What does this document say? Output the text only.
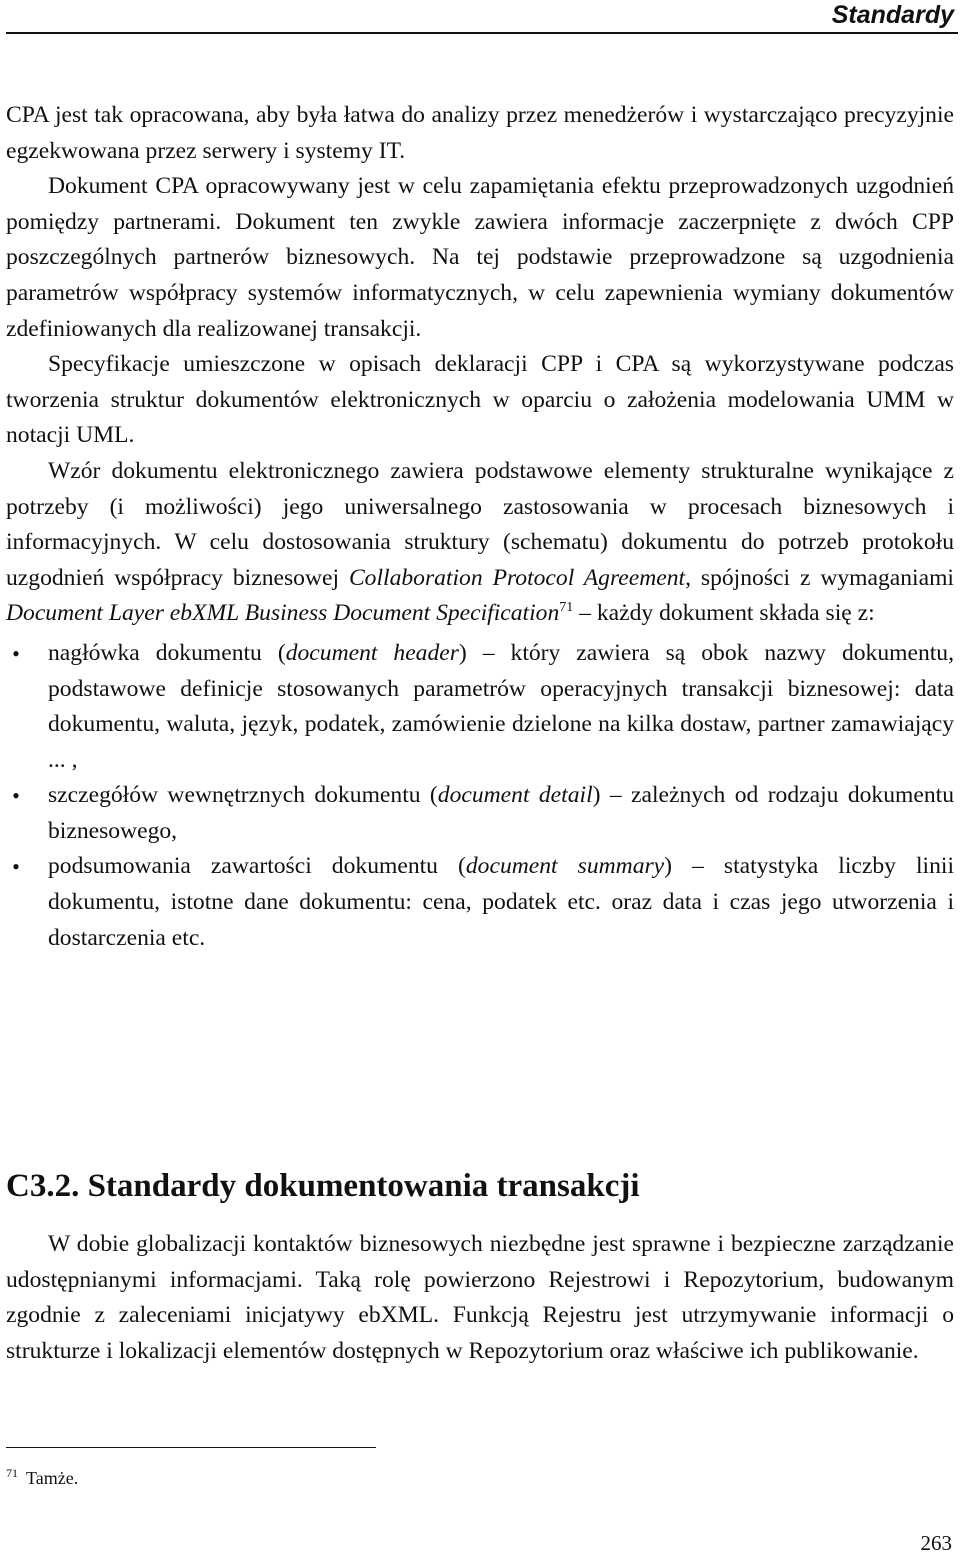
Standardy

CPA jest tak opracowana, aby była łatwa do analizy przez menedżerów i wystarczająco precyzyjnie egzekwowana przez serwery i systemy IT.

Dokument CPA opracowywany jest w celu zapamiętania efektu przeprowadzonych uzgodnień pomiędzy partnerami. Dokument ten zwykle zawiera informacje zaczerpnięte z dwóch CPP poszczególnych partnerów biznesowych. Na tej podstawie przeprowadzone są uzgodnienia parametrów współpracy systemów informatycznych, w celu zapewnienia wymiany dokumentów zdefiniowanych dla realizowanej transakcji.

Specyfikacje umieszczone w opisach deklaracji CPP i CPA są wykorzystywane podczas tworzenia struktur dokumentów elektronicznych w oparciu o założenia modelowania UMM w notacji UML.

Wzór dokumentu elektronicznego zawiera podstawowe elementy strukturalne wynikające z potrzeby (i możliwości) jego uniwersalnego zastosowania w procesach biznesowych i informacyjnych. W celu dostosowania struktury (schematu) dokumentu do potrzeb protokołu uzgodnień współpracy biznesowej Collaboration Protocol Agreement, spójności z wymaganiami Document Layer ebXML Business Document Specification$^{71}$ – każdy dokument składa się z:

• nagłówka dokumentu (document header) – który zawiera są obok nazwy dokumentu, podstawowe definicje stosowanych parametrów operacyjnych transakcji biznesowej: data dokumentu, waluta, język, podatek, zamówienie dzielone na kilka dostaw, partner zamawiający ... ,
• szczegółów wewnętrznych dokumentu (document detail) – zależnych od rodzaju dokumentu biznesowego,
• podsumowania zawartości dokumentu (document summary) – statystyka liczby linii dokumentu, istotne dane dokumentu: cena, podatek etc. oraz data i czas jego utworzenia i dostarczenia etc.
C3.2. Standardy dokumentowania transakcji

W dobie globalizacji kontaktów biznesowych niezbędne jest sprawne i bezpieczne zarządzanie udostępnianymi informacjami. Taką rolę powierzono Rejestrowi i Repozytorium, budowanym zgodnie z zaleceniami inicjatywy ebXML. Funkcją Rejestru jest utrzymywanie informacji o strukturze i lokalizacji elementów dostępnych w Repozytorium oraz właściwe ich publikowanie.

$^{71}$ Tamże.

263
